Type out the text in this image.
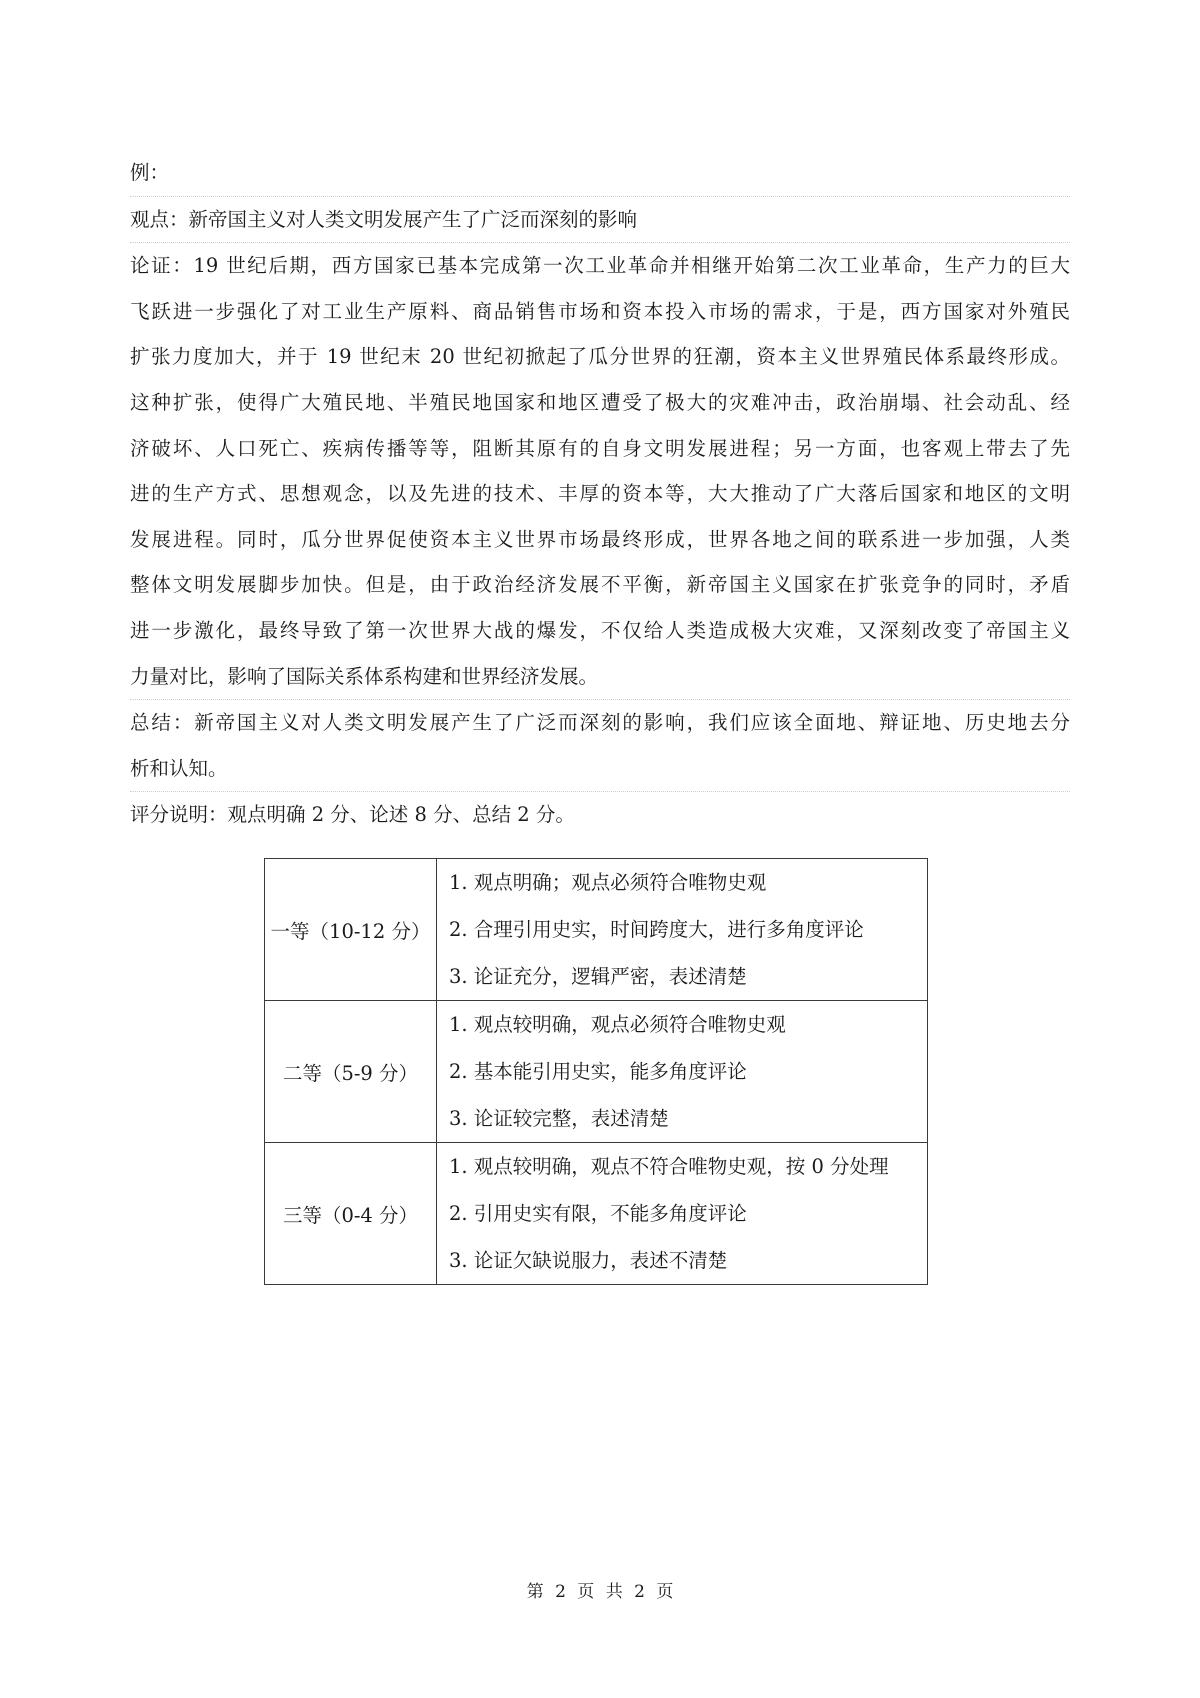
例：
观点：新帝国主义对人类文明发展产生了广泛而深刻的影响
论证：19 世纪后期，西方国家已基本完成第一次工业革命并相继开始第二次工业革命，生产力的巨大
飞跃进一步强化了对工业生产原料、商品销售市场和资本投入市场的需求，于是，西方国家对外殖民
扩张力度加大，并于 19 世纪末 20 世纪初掀起了瓜分世界的狂潮，资本主义世界殖民体系最终形成。
这种扩张，使得广大殖民地、半殖民地国家和地区遭受了极大的灾难冲击，政治崩塌、社会动乱、经
济破坏、人口死亡、疾病传播等等，阻断其原有的自身文明发展进程；另一方面，也客观上带去了先
进的生产方式、思想观念，以及先进的技术、丰厚的资本等，大大推动了广大落后国家和地区的文明
发展进程。同时，瓜分世界促使资本主义世界市场最终形成，世界各地之间的联系进一步加强，人类
整体文明发展脚步加快。但是，由于政治经济发展不平衡，新帝国主义国家在扩张竞争的同时，矛盾
进一步激化，最终导致了第一次世界大战的爆发，不仅给人类造成极大灾难，又深刻改变了帝国主义
力量对比，影响了国际关系体系构建和世界经济发展。
总结：新帝国主义对人类文明发展产生了广泛而深刻的影响，我们应该全面地、辩证地、历史地去分
析和认知。
评分说明：观点明确 2 分、论述 8 分、总结 2 分。
一等（10-12 分）	1. 观点明确；观点必须符合唯物史观
2. 合理引用史实，时间跨度大，进行多角度评论
3. 论证充分，逻辑严密，表述清楚

二等（5-9 分）	1. 观点较明确，观点必须符合唯物史观
2. 基本能引用史实，能多角度评论
3. 论证较完整，表述清楚

三等（0-4 分）	1. 观点较明确，观点不符合唯物史观，按 0 分处理
2. 引用史实有限，不能多角度评论
3. 论证欠缺说服力，表述不清楚
第 2 页 共 2 页
